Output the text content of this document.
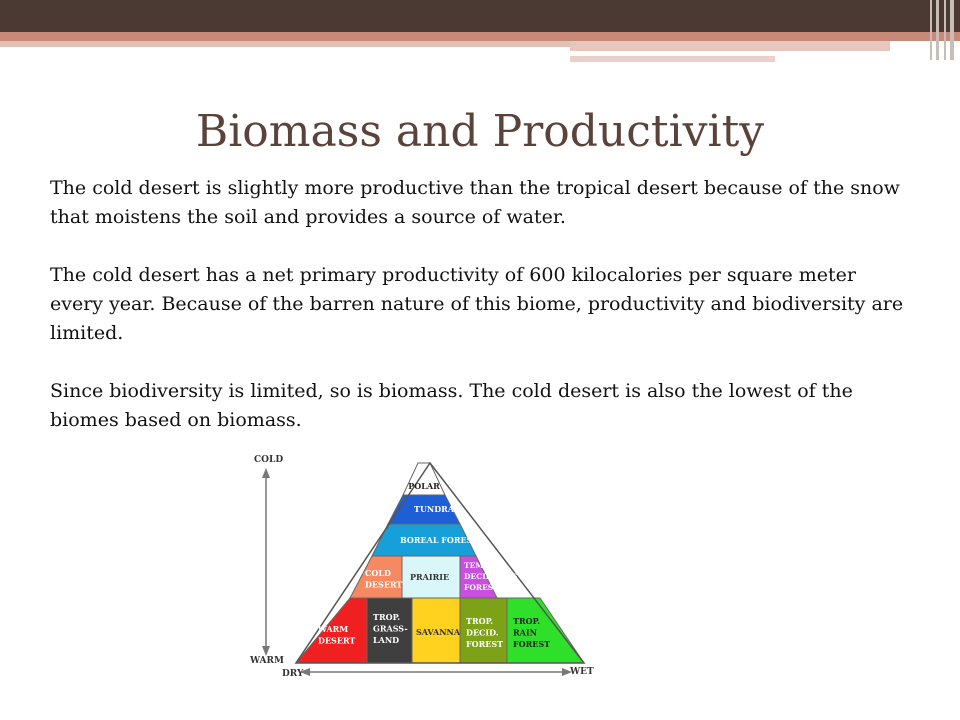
Biomass and Productivity

The cold desert is slightly more productive than the tropical desert because of the snow that moistens the soil and provides a source of water.

The cold desert has a net primary productivity of 600 kilocalories per square meter every year. Because of the barren nature of this biome, productivity and biodiversity are limited.

Since biodiversity is limited, so is biomass. The cold desert is also the lowest of the biomes based on biomass.

COLD
WARM
DRY	WET
POLAR
TUNDRA
BOREAL FOREST
COLD DESERT
PRAIRIE
TEMP. DECIDUOUS FOREST
WARM DESERT
TROP. GRASS-LAND
SAVANNA
TROP. DECID. FOREST
TROP. RAIN FOREST
